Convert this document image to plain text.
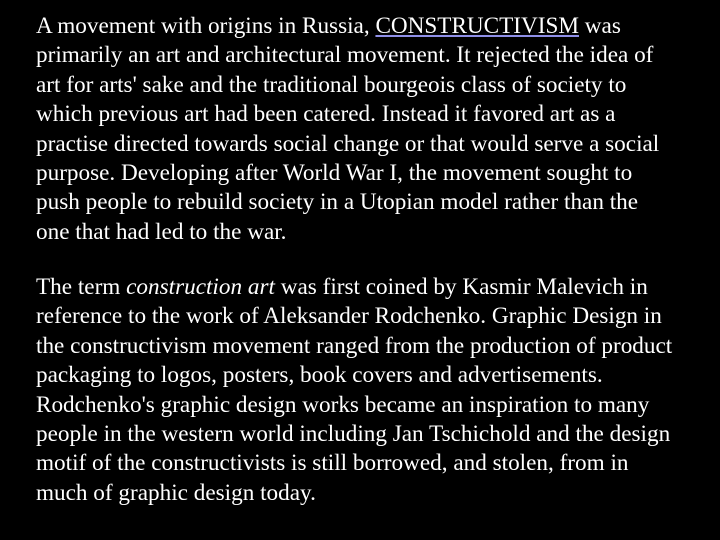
A movement with origins in Russia, CONSTRUCTIVISM was primarily an art and architectural movement. It rejected the idea of art for arts' sake and the traditional bourgeois class of society to which previous art had been catered. Instead it favored art as a practise directed towards social change or that would serve a social purpose. Developing after World War I, the movement sought to push people to rebuild society in a Utopian model rather than the one that had led to the war.

The term construction art was first coined by Kasmir Malevich in reference to the work of Aleksander Rodchenko. Graphic Design in the constructivism movement ranged from the production of product packaging to logos, posters, book covers and advertisements. Rodchenko's graphic design works became an inspiration to many people in the western world including Jan Tschichold and the design motif of the constructivists is still borrowed, and stolen, from in much of graphic design today.
